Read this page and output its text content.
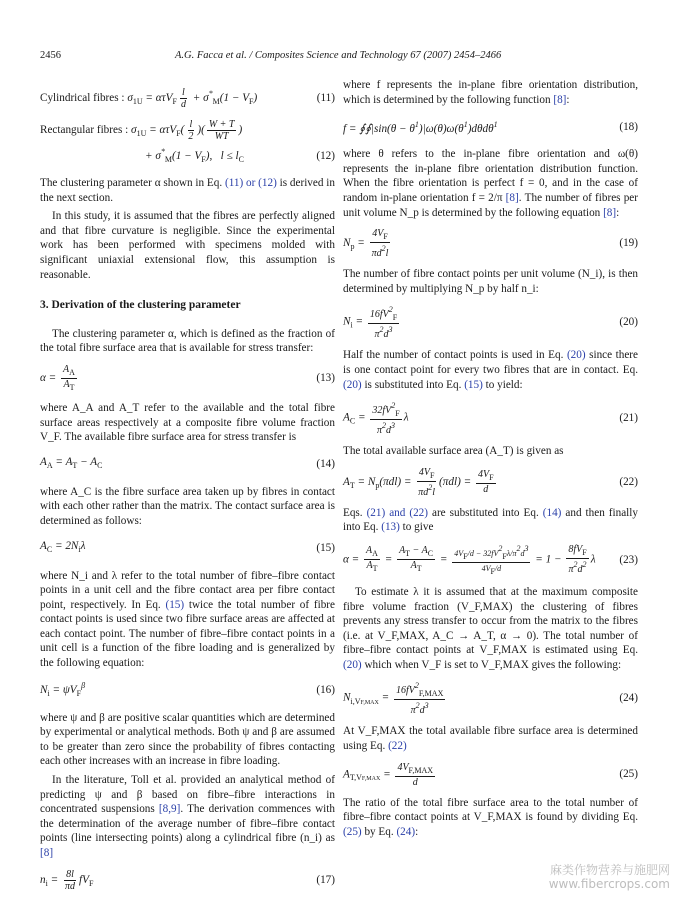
2456	A.G. Facca et al. / Composites Science and Technology 67 (2007) 2454–2466
Cylindrical fibres : $\sigma_{1U} = \alpha\tau V_F \frac{l}{d} + \sigma^*_M(1 - V_F)$	(11)
Rectangular fibres : $\sigma_{1U} = \alpha\tau V_F( \frac{l}{2}$ )( $\frac{W + T}{WT}$ )
+ $\sigma^*_M(1 - V_F)$,   $l \le l_C$	(12)

The clustering parameter α shown in Eq. (11) or (12) is derived in the next section.

In this study, it is assumed that the fibres are perfectly aligned and that fibre curvature is negligible. Since the experimental work has been performed with specimens molded with significant uniaxial extensional flow, this assumption is reasonable.

3. Derivation of the clustering parameter

The clustering parameter α, which is defined as the fraction of the total fibre surface area that is available for stress transfer:

$\alpha = \frac{A_A}{A_T}$	(13)

where A_A and A_T refer to the available and the total fibre surface areas respectively at a composite fibre volume fraction V_F. The available fibre surface area for stress transfer is

$A_A = A_T - A_C$	(14)

where A_C is the fibre surface area taken up by fibres in contact with each other rather than the matrix. The contact surface area is determined as follows:

$A_C = 2N_i\lambda$	(15)

where N_i and λ refer to the total number of fibre–fibre contact points in a unit cell and the fibre contact area per fibre contact point, respectively. In Eq. (15) twice the total number of fibre contact points is used since two fibre surface areas are affected at each contact point. The number of fibre–fibre contact points in a unit cell is a function of the fibre loading and is generalized by the following equation:

$N_i = \psi V_F^\beta$	(16)

where ψ and β are positive scalar quantities which are determined by experimental or analytical methods. Both ψ and β are assumed to be greater than zero since the probability of fibres contacting each other increases with an increase in fibre loading.

In the literature, Toll et al. provided an analytical method of predicting ψ and β based on fibre–fibre interactions in concentrated suspensions [8,9]. The derivation commences with the determination of the average number of fibre–fibre contact points (line intersecting points) along a cylindrical fibre (n_i) as [8]

$n_i = \frac{8l}{\pi d} fV_F$	(17)

where f represents the in-plane fibre orientation distribution, which is determined by the following function [8]:

f = ∮∮|sin(θ − $\theta^1)|\omega(\theta)\omega(\theta^1)d\theta d\theta^1$	(18)

where θ refers to the in-plane fibre orientation and ω(θ) represents the in-plane fibre orientation distribution function. When the fibre orientation is perfect f = 0, and in the case of random in-plane orientation f = 2/π [8]. The number of fibres per unit volume N_p is determined by the following equation [8]:

$N_p = \frac{4V_F}{\pi d^2l}$	(19)

The number of fibre contact points per unit volume (N_i), is then determined by multiplying N_p by half n_i:

$N_i = \frac{16fV^2_F}{\pi^2d^3}$	(20)

Half the number of contact points is used in Eq. (20) since there is one contact point for every two fibres that are in contact. Eq. (20) is substituted into Eq. (15) to yield:

$A_C = \frac{32fV^2_F}{\pi^2d^3}$ λ	(21)

The total available surface area (A_T) is given as

$A_T = N_p(\pi dl) = \frac{4V_F}{\pi d^2l} (\pi dl) = \frac{4V_F}{d}$	(22)

Eqs. (21) and (22) are substituted into Eq. (14) and then finally into Eq. (13) to give

$\alpha = \frac{A_A}{A_T} = \frac{A_T - A_C}{A_T} = \frac{4VF/d - 32fV2F\lambda/\pi 2d3}{4VF/d} = 1 - \frac{8fV_F}{\pi^2d^2}$ λ	(23)

To estimate λ it is assumed that at the maximum composite fibre volume fraction (V_F,MAX) the clustering of fibres prevents any stress transfer to occur from the matrix to the fibres (i.e. at V_F,MAX, A_C → A_T, α → 0). The total number of fibre–fibre contact points at V_F,MAX is estimated using Eq. (20) which when V_F is set to V_F,MAX gives the following:

$N_{i,VF,MAX} = \frac{16fV^2_{F,MAX}}{\pi^2d^3}$	(24)

At V_F,MAX the total available fibre surface area is determined using Eq. (22)

$A_{T,VF,MAX} = \frac{4V_{F,MAX}}{d}$	(25)

The ratio of the total fibre surface area to the total number of fibre–fibre contact points at V_F,MAX is found by dividing Eq. (25) by Eq. (24):

麻类作物营养与施肥网
www.fibercrops.com
